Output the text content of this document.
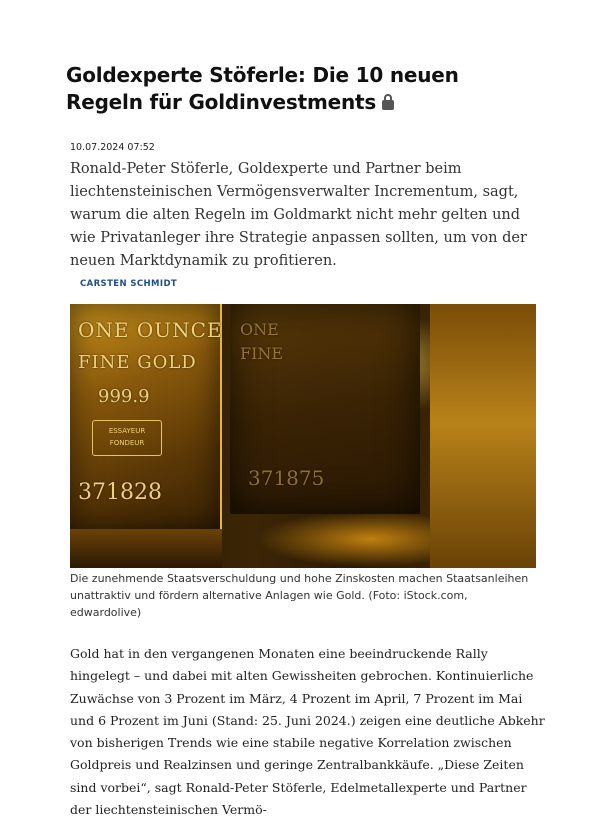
Goldexperte Stöferle: Die 10 neuen Regeln für Goldinvestments
10.07.2024 07:52

Ronald-Peter Stöferle, Goldexperte und Partner beim liechtensteinischen Vermögensverwalter Incrementum, sagt, warum die alten Regeln im Goldmarkt nicht mehr gelten und wie Privatanleger ihre Strategie anpassen sollten, um von der neuen Marktdynamik zu profitieren.

CARSTEN SCHMIDT
ONE OUNCE
FINE GOLD
999.9
ESSAYEUR FONDEUR
371828
ONE
FINE
371875

Die zunehmende Staatsverschuldung und hohe Zinskosten machen Staatsanleihen unattraktiv und fördern alternative Anlagen wie Gold. (Foto: iStock.com, edwardolive)

Gold hat in den vergangenen Monaten eine beeindruckende Rally hingelegt – und dabei mit alten Gewissheiten gebrochen. Kontinuierliche Zuwächse von 3 Prozent im März, 4 Prozent im April, 7 Prozent im Mai und 6 Prozent im Juni (Stand: 25. Juni 2024.) zeigen eine deutliche Abkehr von bisherigen Trends wie eine stabile negative Korrelation zwischen Goldpreis und Realzinsen und geringe Zentralbankkäufe. „Diese Zeiten sind vorbei“, sagt Ronald-Peter Stöferle, Edelmetallexperte und Partner der liechtensteinischen Vermö-
